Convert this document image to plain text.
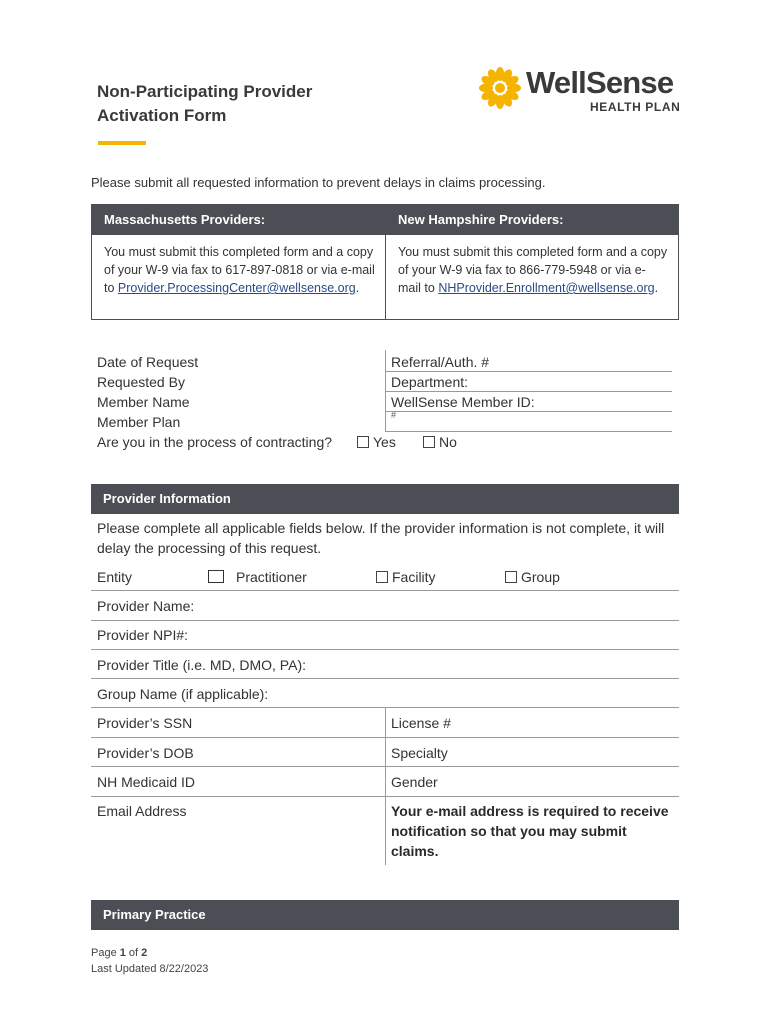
Non-Participating Provider
Activation Form
WellSense
HEALTH PLAN
Please submit all requested information to prevent delays in claims processing.
Massachusetts Providers:	New Hampshire Providers:
You must submit this completed form and a copy of your W-9 via fax to 617-897-0818 or via e-mail to Provider.ProcessingCenter@wellsense.org.
You must submit this completed form and a copy of your W-9 via fax to 866-779-5948 or via e-mail to NHProvider.Enrollment@wellsense.org.
Date of Request	Referral/Auth. #
Requested By	Department:
Member Name	WellSense Member ID:
Member Plan	#
Are you in the process of contracting?	Yes	No
Provider Information
Please complete all applicable fields below. If the provider information is not complete, it will delay the processing of this request.
Entity	Practitioner	Facility	Group
Provider Name:
Provider NPI#:
Provider Title (i.e. MD, DMO, PA):
Group Name (if applicable):
Provider’s SSN	License #
Provider’s DOB	Specialty
NH Medicaid ID	Gender
Email Address	Your e-mail address is required to receive notification so that you may submit claims.
Primary Practice
Page 1 of 2
Last Updated 8/22/2023
